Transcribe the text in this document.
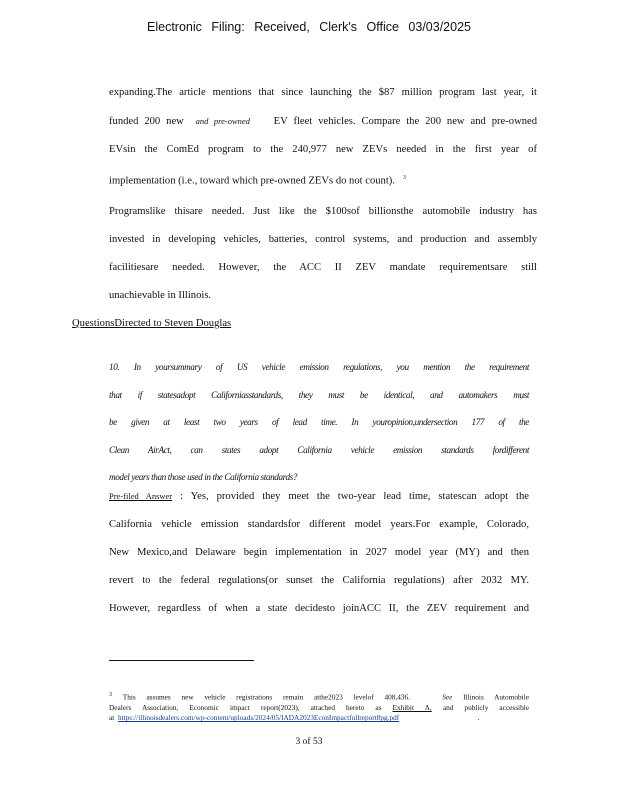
Electronic Filing: Received, Clerk's Office 03/03/2025
expanding.The article mentions that since launching the $87 million program last year, it
funded 200 new and pre-owned EV fleet vehicles. Compare the 200 new and pre-owned
EVsin the ComEd program to the 240,977 new ZEVs needed in the first year of
implementation (i.e., toward which pre-owned ZEVs do not count). $^3$
Programslike thisare needed. Just like the $100sof billionsthe automobile industry has
invested in developing vehicles, batteries, control systems, and production and assembly
facilitiesare needed. However, the ACC II ZEV mandate requirementsare still
unachievable in Illinois.
QuestionsDirected to Steven Douglas
10. In yoursummary of US vehicle emission regulations, you mention the requirement
that if statesadopt Californiasstandards, they must be identical, and automakers must
be given at least two years of lead time. In youropinion,undersection 177 of the
Clean AirAct, can states adopt California vehicle emission standards fordifferent
model years than those used in the California standards?
Pre-filed Answer : Yes, provided they meet the two-year lead time, statescan adopt the
California vehicle emission standardsfor different model years.For example, Colorado,
New Mexico,and Delaware begin implementation in 2027 model year (MY) and then
revert to the federal regulations(or sunset the California regulations) after 2032 MY.
However, regardless of when a state decidesto joinACC II, the ZEV requirement and
$^3$ This assumes new vehicle registrations remain atthe2023 levelof 408,436.	See Illinois Automobile
Dealers Association, Economic impact report(2023), attached hereto as Exhibit A, and publicly accessible
at https://illinoisdealers.com/wp-content/uploads/2024/05/IADA2023EconImpactfullreport8pg.pdf	.
3 of 53
